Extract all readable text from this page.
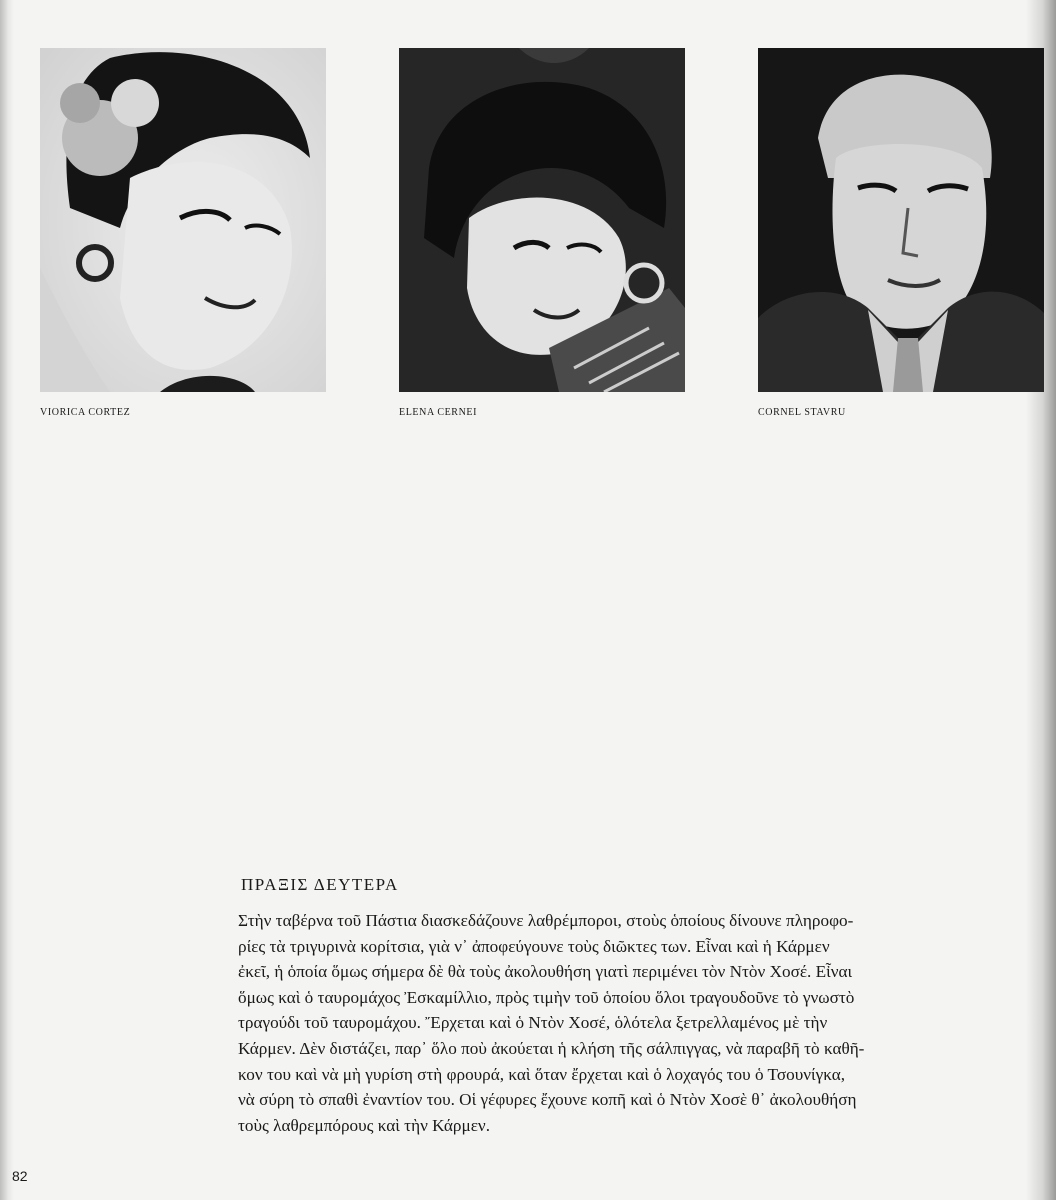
VIORICA CORTEZ	ELENA CERNEI	CORNEL STAVRU
ΠΡΑΞΙΣ ΔΕΥΤΕΡΑ
Στὴν ταβέρνα τοῦ Πάστια διασκεδάζουνε λαθρέμποροι, στοὺς ὁποίους δίνουνε πληροφο-
ρίες τὰ τριγυρινὰ κορίτσια, γιὰ ν᾽ ἀποφεύγουνε τοὺς διῶκτες των. Εἶναι καὶ ἡ Κάρμεν
ἐκεῖ, ἡ ὁποία ὅμως σήμερα δὲ θὰ τοὺς ἀκολουθήση γιατὶ περιμένει τὸν Ντὸν Χοσέ. Εἶναι
ὅμως καὶ ὁ ταυρομάχος Ἐσκαμίλλιο, πρὸς τιμὴν τοῦ ὁποίου ὅλοι τραγουδοῦνε τὸ γνωστὸ
τραγούδι τοῦ ταυρομάχου. Ἔρχεται καὶ ὁ Ντὸν Χοσέ, ὁλότελα ξετρελλαμένος μὲ τὴν
Κάρμεν. Δὲν διστάζει, παρ᾽ ὅλο ποὺ ἀκούεται ἡ κλήση τῆς σάλπιγγας, νὰ παραβῆ τὸ καθῆ-
κον του καὶ νὰ μὴ γυρίση στὴ φρουρά, καὶ ὅταν ἔρχεται καὶ ὁ λοχαγός του ὁ Τσουνίγκα,
νὰ σύρη τὸ σπαθὶ ἐναντίον του. Οἱ γέφυρες ἔχουνε κοπῆ καὶ ὁ Ντὸν Χοσὲ θ᾽ ἀκολουθήση
τοὺς λαθρεμπόρους καὶ τὴν Κάρμεν.
82
